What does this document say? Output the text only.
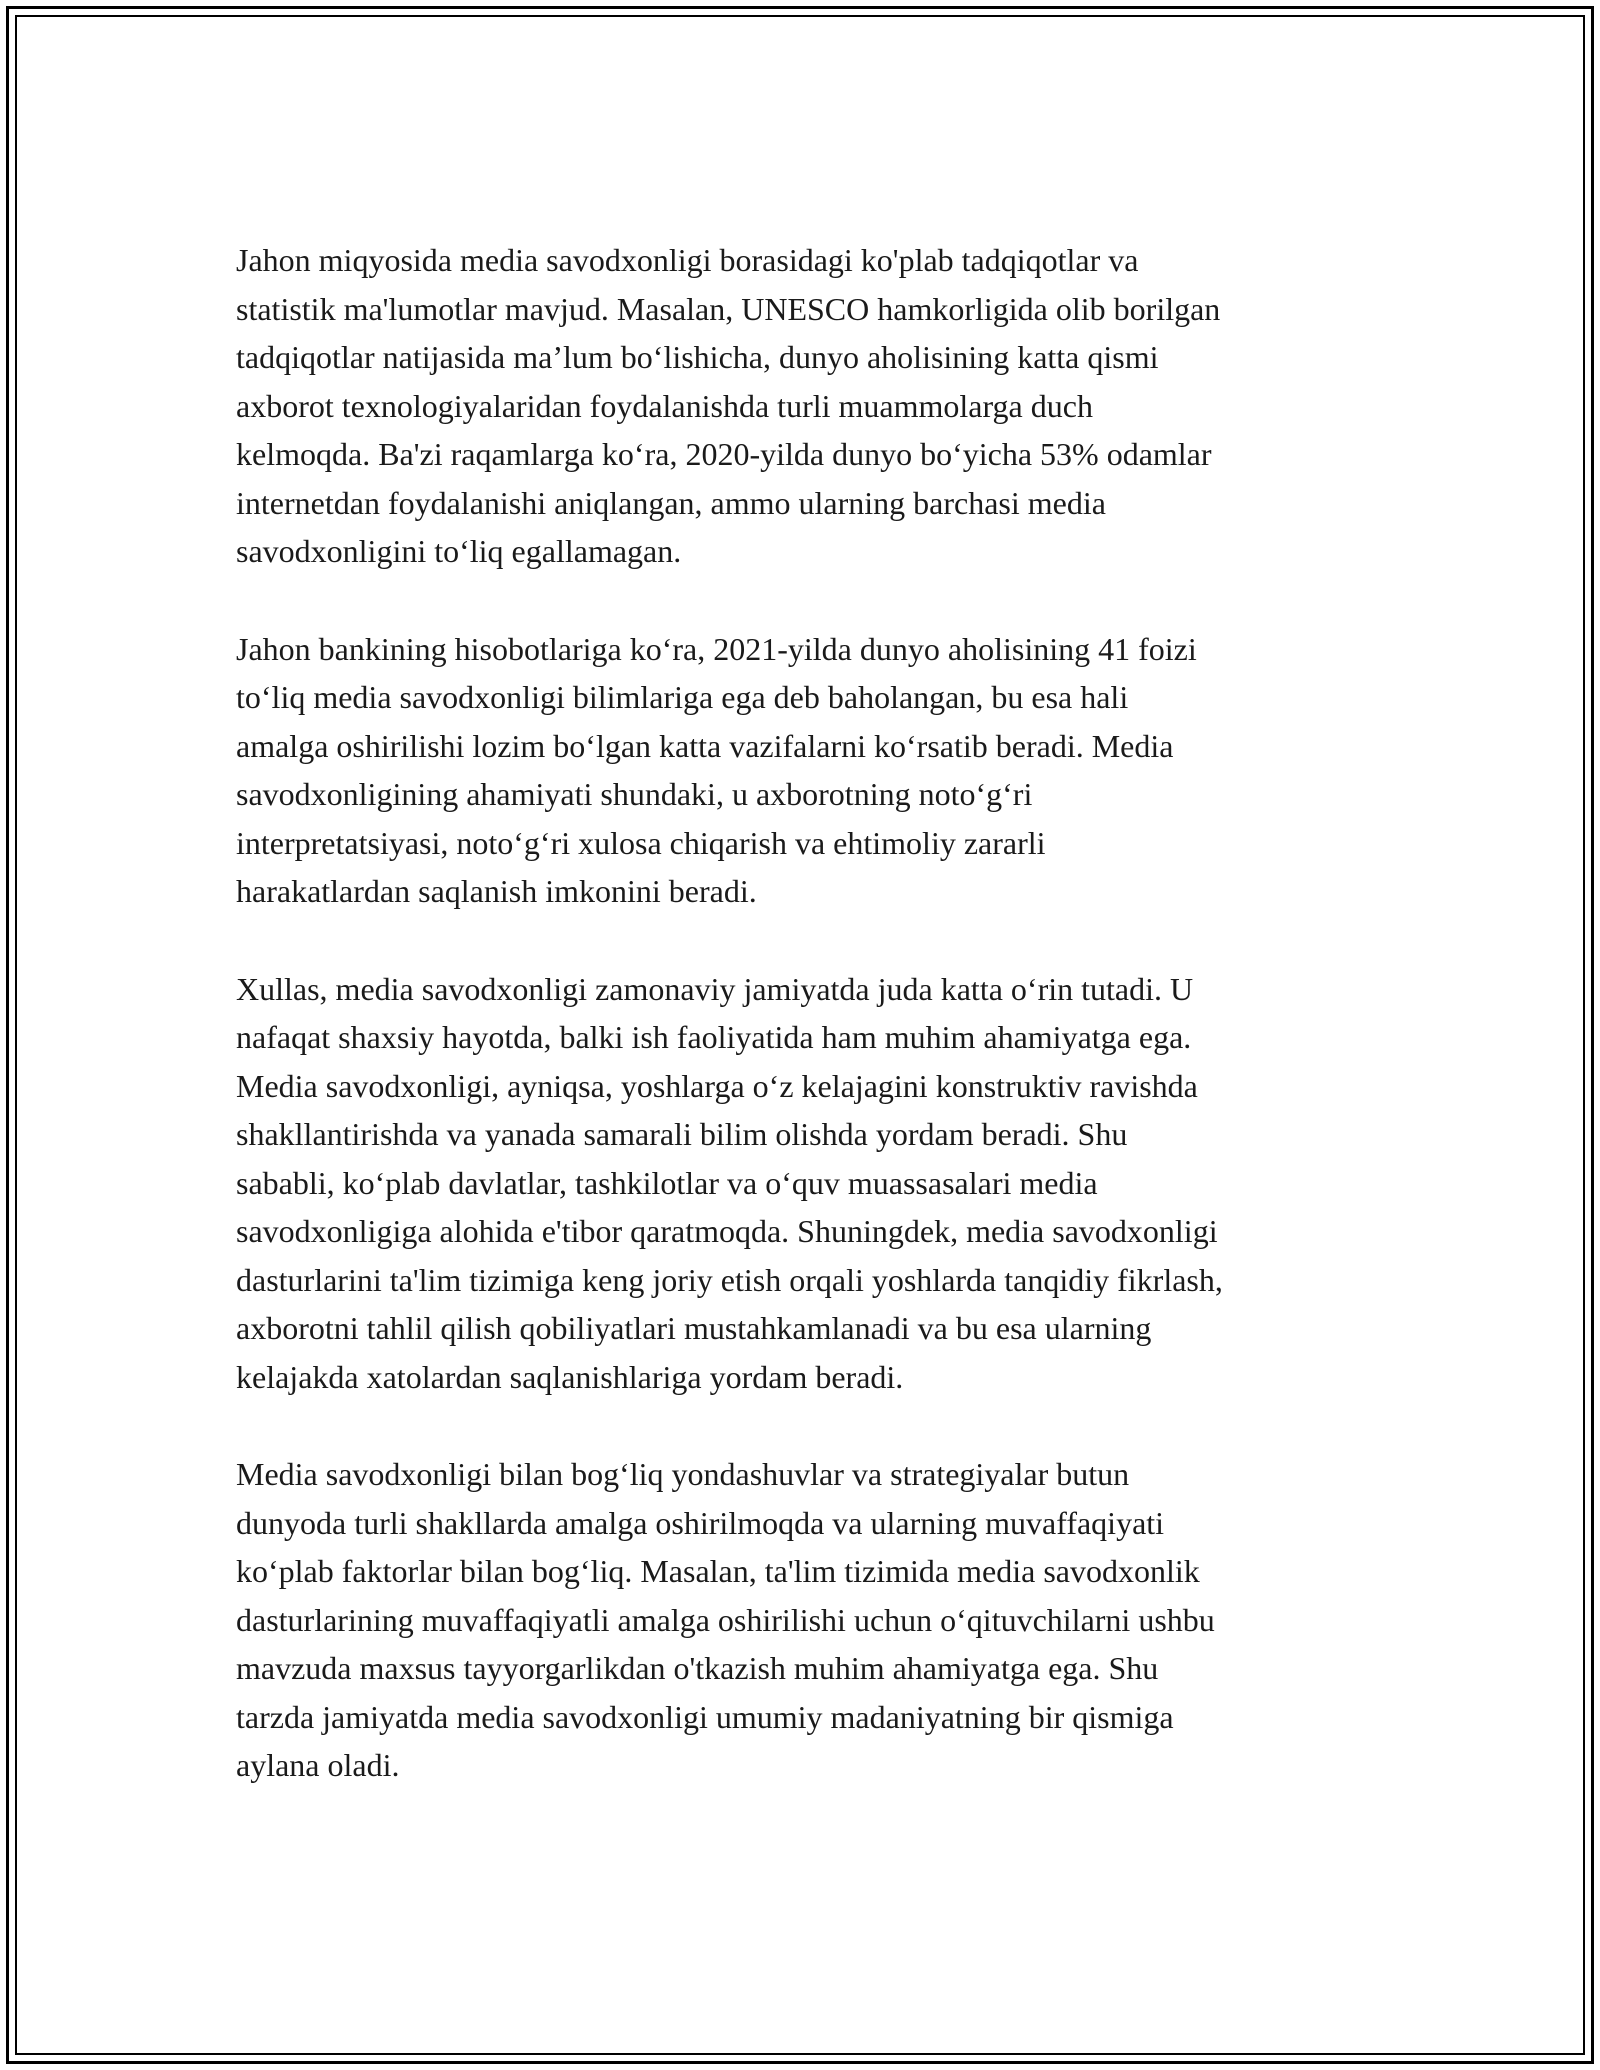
Jahon miqyosida media savodxonligi borasidagi ko'plab tadqiqotlar va
statistik ma'lumotlar mavjud. Masalan, UNESCO hamkorligida olib borilgan
tadqiqotlar natijasida ma’lum boʻlishicha, dunyo aholisining katta qismi
axborot texnologiyalaridan foydalanishda turli muammolarga duch
kelmoqda. Ba'zi raqamlarga koʻra, 2020-yilda dunyo boʻyicha 53% odamlar
internetdan foydalanishi aniqlangan, ammo ularning barchasi media
savodxonligini toʻliq egallamagan.

Jahon bankining hisobotlariga koʻra, 2021-yilda dunyo aholisining 41 foizi
toʻliq media savodxonligi bilimlariga ega deb baholangan, bu esa hali
amalga oshirilishi lozim boʻlgan katta vazifalarni koʻrsatib beradi. Media
savodxonligining ahamiyati shundaki, u axborotning notoʻgʻri
interpretatsiyasi, notoʻgʻri xulosa chiqarish va ehtimoliy zararli
harakatlardan saqlanish imkonini beradi.

Xullas, media savodxonligi zamonaviy jamiyatda juda katta oʻrin tutadi. U
nafaqat shaxsiy hayotda, balki ish faoliyatida ham muhim ahamiyatga ega.
Media savodxonligi, ayniqsa, yoshlarga oʻz kelajagini konstruktiv ravishda
shakllantirishda va yanada samarali bilim olishda yordam beradi. Shu
sababli, koʻplab davlatlar, tashkilotlar va oʻquv muassasalari media
savodxonligiga alohida e'tibor qaratmoqda. Shuningdek, media savodxonligi
dasturlarini ta'lim tizimiga keng joriy etish orqali yoshlarda tanqidiy fikrlash,
axborotni tahlil qilish qobiliyatlari mustahkamlanadi va bu esa ularning
kelajakda xatolardan saqlanishlariga yordam beradi.

Media savodxonligi bilan bogʻliq yondashuvlar va strategiyalar butun
dunyoda turli shakllarda amalga oshirilmoqda va ularning muvaffaqiyati
koʻplab faktorlar bilan bogʻliq. Masalan, ta'lim tizimida media savodxonlik
dasturlarining muvaffaqiyatli amalga oshirilishi uchun oʻqituvchilarni ushbu
mavzuda maxsus tayyorgarlikdan o'tkazish muhim ahamiyatga ega. Shu
tarzda jamiyatda media savodxonligi umumiy madaniyatning bir qismiga
aylana oladi.
